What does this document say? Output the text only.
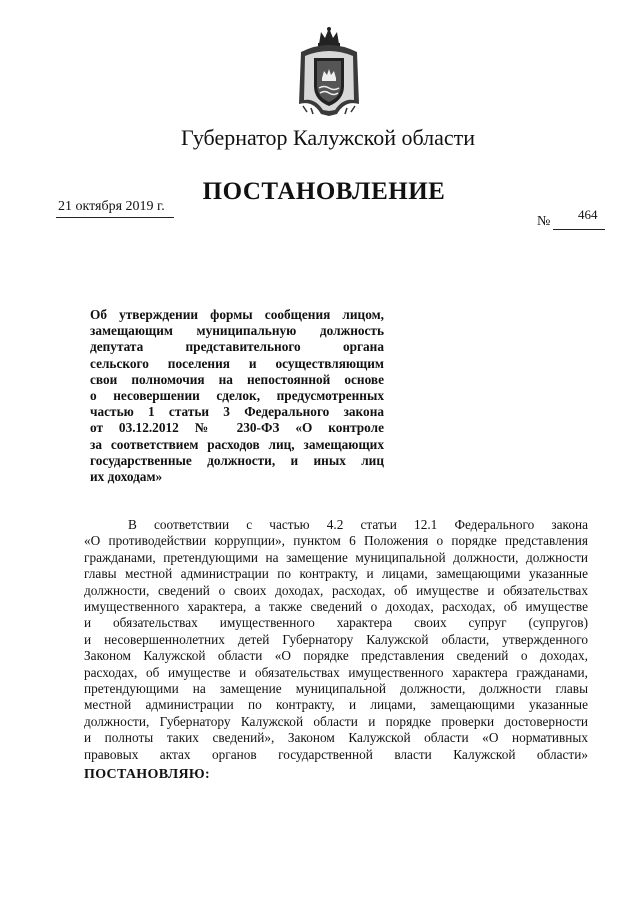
Губернатор Калужской области
ПОСТАНОВЛЕНИЕ
21 октября 2019 г.
№ 464
Об утверждении формы сообщения лицом,
замещающим муниципальную должность
депутата представительного органа
сельского поселения и осуществляющим
свои полномочия на непостоянной основе
о несовершении сделок, предусмотренных
частью 1 статьи 3 Федерального закона
от 03.12.2012 № 230-ФЗ «О контроле
за соответствием расходов лиц, замещающих
государственные должности, и иных лиц
их доходам»
В соответствии с частью 4.2 статьи 12.1 Федерального закона
«О противодействии коррупции», пунктом 6 Положения о порядке представления
гражданами, претендующими на замещение муниципальной должности, должности
главы местной администрации по контракту, и лицами, замещающими указанные
должности, сведений о своих доходах, расходах, об имуществе и обязательствах
имущественного характера, а также сведений о доходах, расходах, об имуществе
и обязательствах имущественного характера своих супруг (супругов)
и несовершеннолетних детей Губернатору Калужской области, утвержденного
Законом Калужской области «О порядке представления сведений о доходах,
расходах, об имуществе и обязательствах имущественного характера гражданами,
претендующими на замещение муниципальной должности, должности главы
местной администрации по контракту, и лицами, замещающими указанные
должности, Губернатору Калужской области и порядке проверки достоверности
и полноты таких сведений», Законом Калужской области «О нормативных
правовых актах органов государственной власти Калужской области»
ПОСТАНОВЛЯЮ:
